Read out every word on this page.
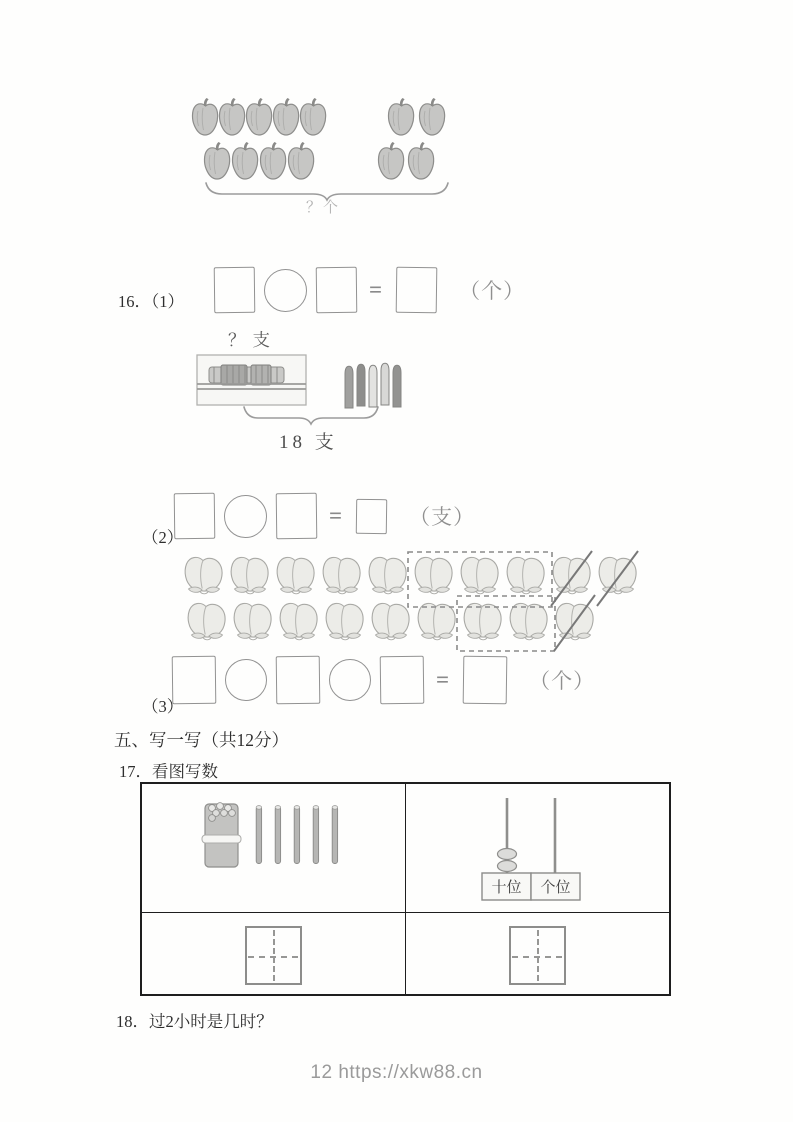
？个
16．（1）	=	（个）
？支
18 支
（2）
=	（支）
（3）
=	（个）
五、写一写（共12分）
17．看图写数
十位 个位
18．过2小时是几时？
12 https://xkw88.cn
